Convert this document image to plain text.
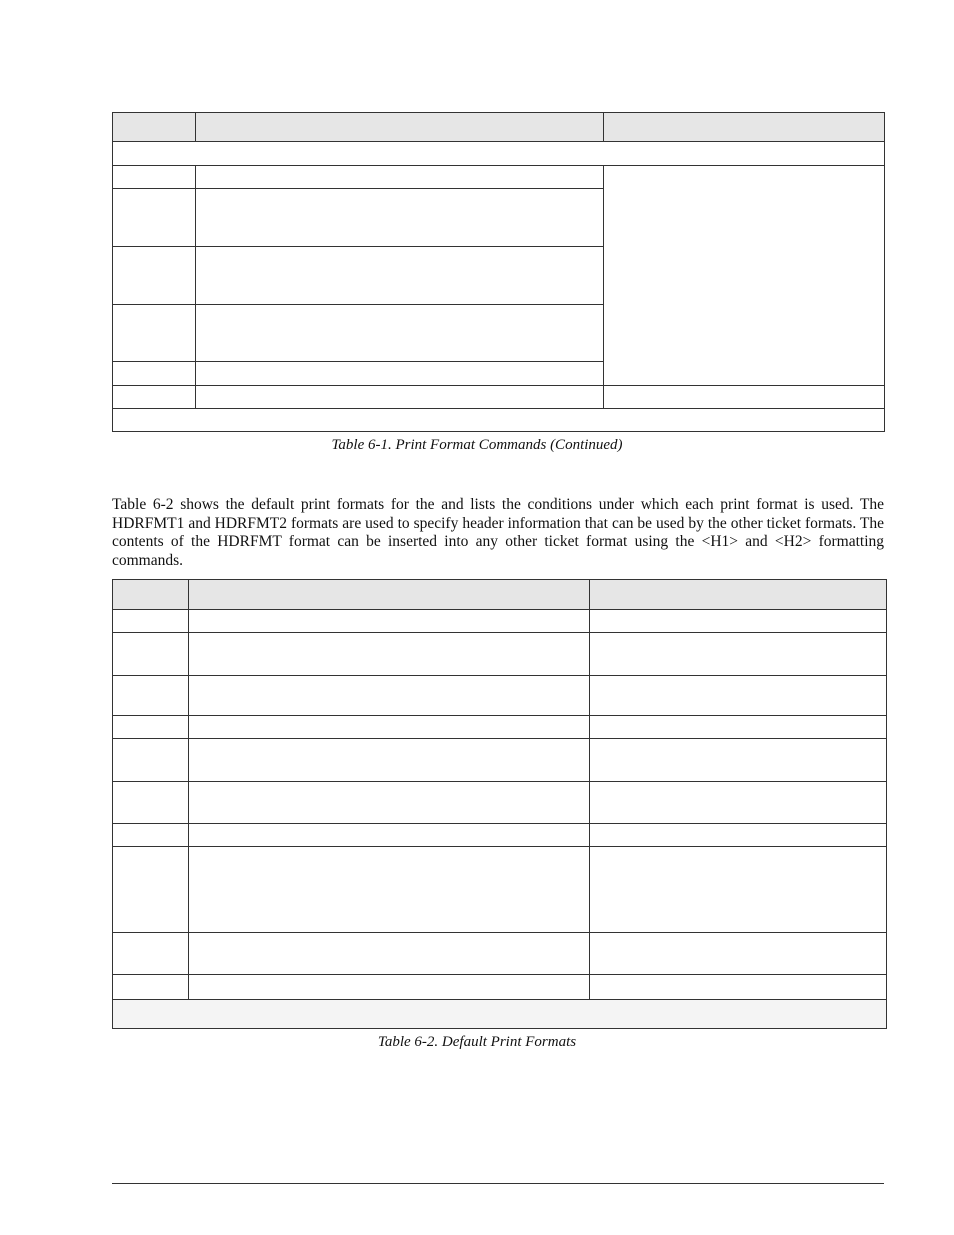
Table 6-1. Print Format Commands (Continued)

Table 6-2 shows the default print formats for the and lists the conditions under which each print format is used. The HDRFMT1 and HDRFMT2 formats are used to specify header information that can be used by the other ticket formats. The contents of the HDRFMT format can be inserted into any other ticket format using the <H1> and <H2> formatting commands.

Table 6-2. Default Print Formats
